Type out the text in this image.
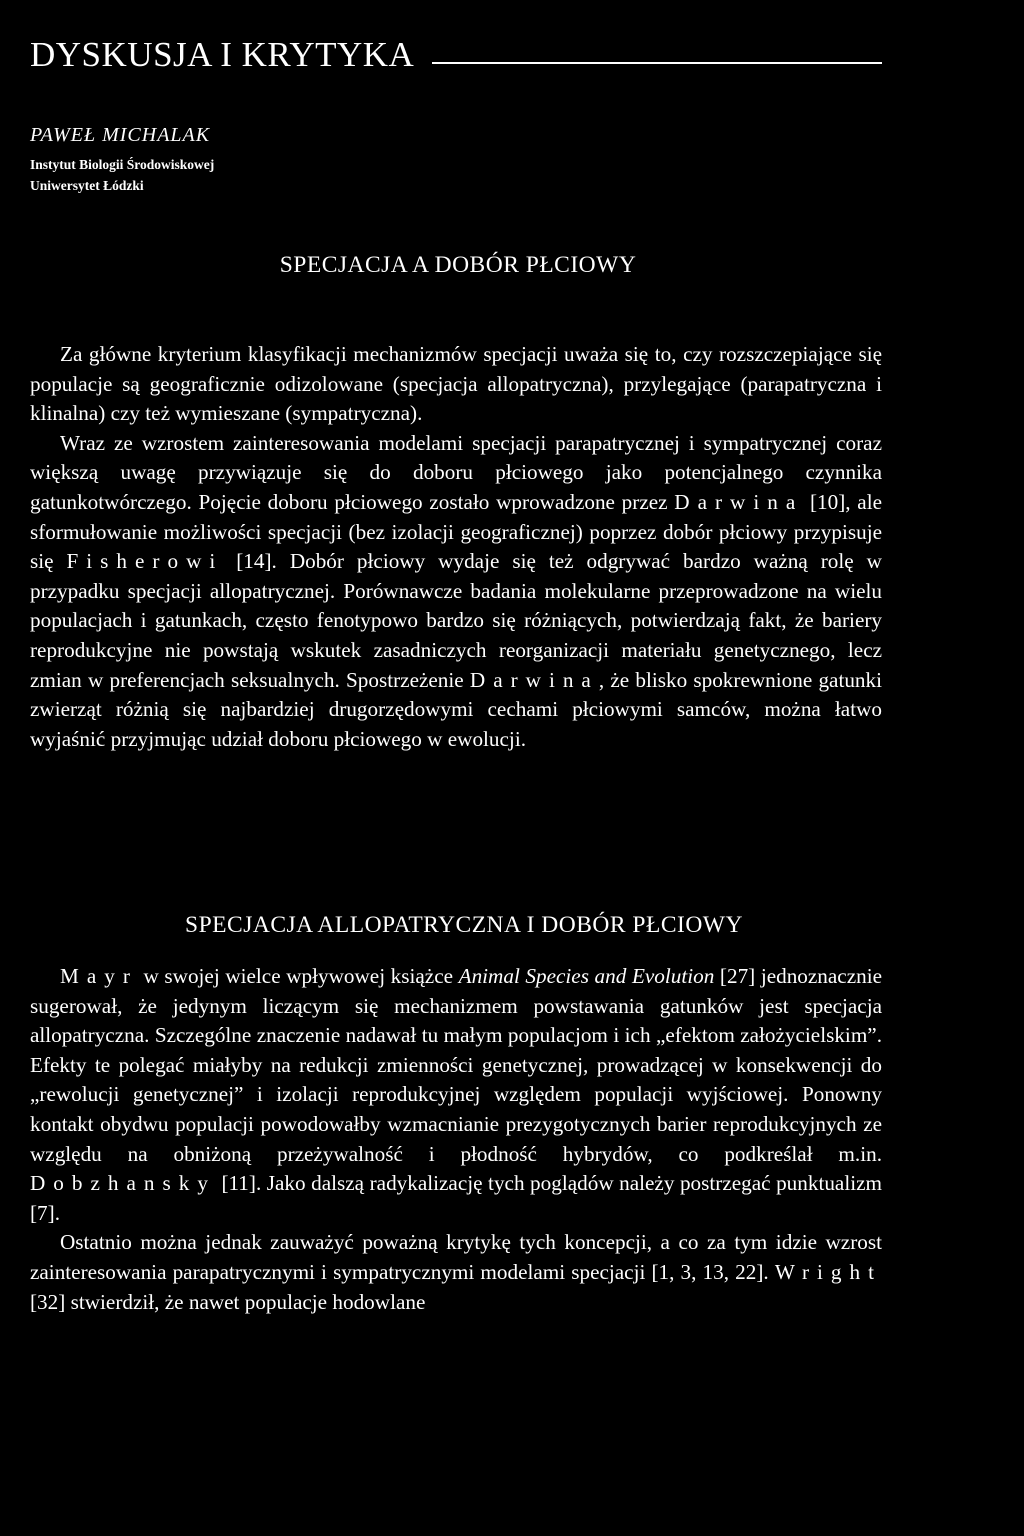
DYSKUSJA I KRYTYKA
PAWEŁ MICHALAK
Instytut Biologii Środowiskowej
Uniwersytet Łódzki
SPECJACJA A DOBÓR PŁCIOWY

Za główne kryterium klasyfikacji mechanizmów specjacji uważa się to, czy rozszczepiające się populacje są geograficznie odizolowane (specjacja allopatryczna), przylegające (parapatryczna i klinalna) czy też wymieszane (sympatryczna).

Wraz ze wzrostem zainteresowania modelami specjacji parapatrycznej i sympatrycznej coraz większą uwagę przywiązuje się do doboru płciowego jako potencjalnego czynnika gatunkotwórczego. Pojęcie doboru płciowego zostało wprowadzone przez Darwina [10], ale sformułowanie możliwości specjacji (bez izolacji geograficznej) poprzez dobór płciowy przypisuje się Fisherowi [14]. Dobór płciowy wydaje się też odgrywać bardzo ważną rolę w przypadku specjacji allopatrycznej. Porównawcze badania molekularne przeprowadzone na wielu populacjach i gatunkach, często fenotypowo bardzo się różniących, potwierdzają fakt, że bariery reprodukcyjne nie powstają wskutek zasadniczych reorganizacji materiału genetycznego, lecz zmian w preferencjach seksualnych. Spostrzeżenie Darwina, że blisko spokrewnione gatunki zwierząt różnią się najbardziej drugorzędowymi cechami płciowymi samców, można łatwo wyjaśnić przyjmując udział doboru płciowego w ewolucji.

SPECJACJA ALLOPATRYCZNA I DOBÓR PŁCIOWY

Mayr w swojej wielce wpływowej książce Animal Species and Evolution [27] jednoznacznie sugerował, że jedynym liczącym się mechanizmem powstawania gatunków jest specjacja allopatryczna. Szczególne znaczenie nadawał tu małym populacjom i ich „efektom założycielskim”. Efekty te polegać miałyby na redukcji zmienności genetycznej, prowadzącej w konsekwencji do „rewolucji genetycznej” i izolacji reprodukcyjnej względem populacji wyjściowej. Ponowny kontakt obydwu populacji powodowałby wzmacnianie prezygotycznych barier reprodukcyjnych ze względu na obniżoną przeżywalność i płodność hybrydów, co podkreślał m.in. Dobzhansky [11]. Jako dalszą radykalizację tych poglądów należy postrzegać punktualizm [7].

Ostatnio można jednak zauważyć poważną krytykę tych koncepcji, a co za tym idzie wzrost zainteresowania parapatrycznymi i sympatrycznymi modelami specjacji [1, 3, 13, 22]. Wright [32] stwierdził, że nawet populacje hodowlane
